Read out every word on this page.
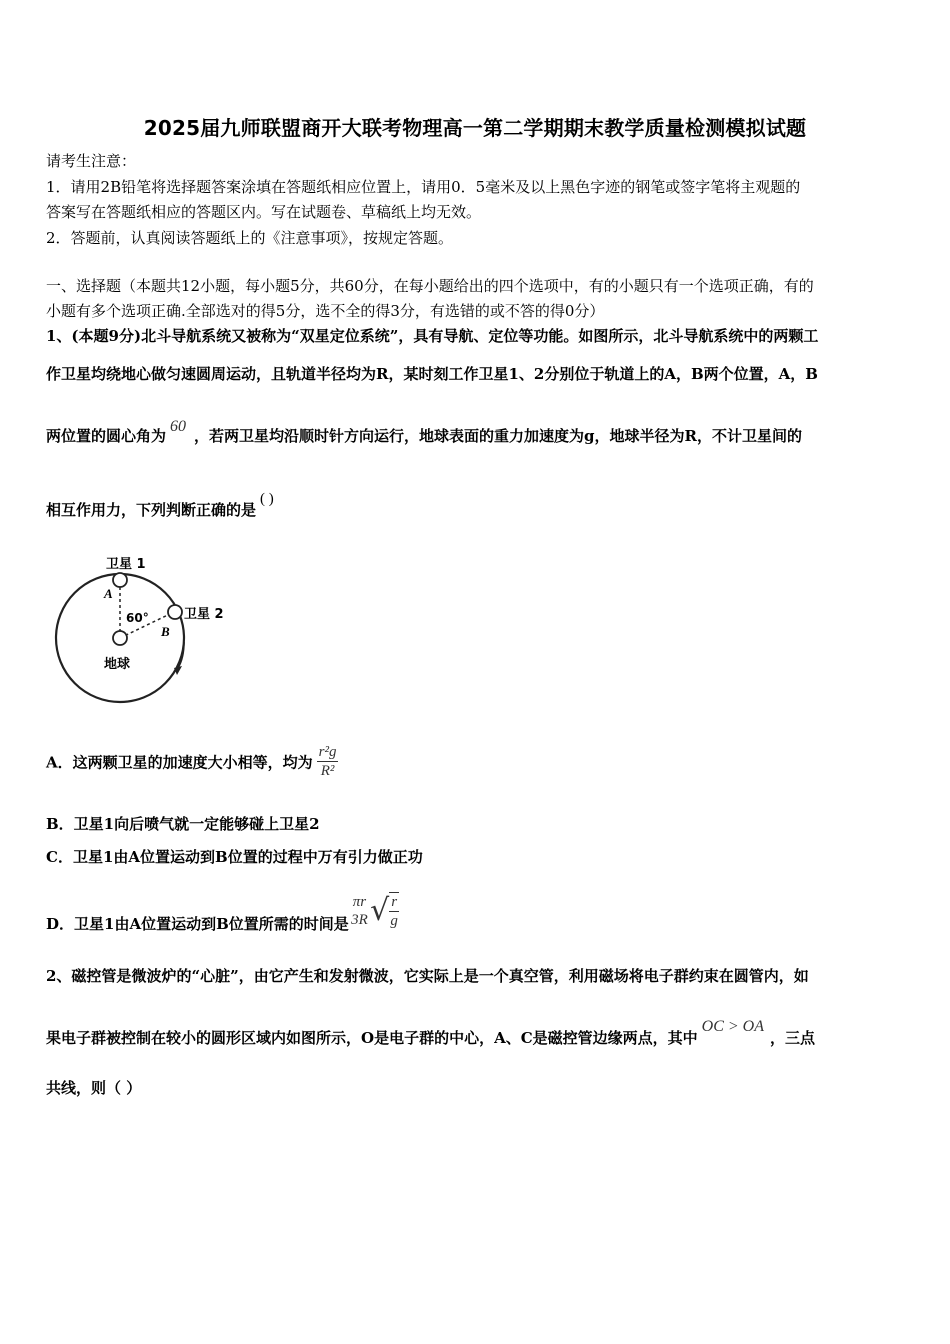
2025届九师联盟商开大联考物理高一第二学期期末教学质量检测模拟试题
请考生注意：
1．请用2B铅笔将选择题答案涂填在答题纸相应位置上，请用0．5毫米及以上黑色字迹的钢笔或签字笔将主观题的
答案写在答题纸相应的答题区内。写在试题卷、草稿纸上均无效。
2．答题前，认真阅读答题纸上的《注意事项》，按规定答题。
一、选择题（本题共12小题，每小题5分，共60分，在每小题给出的四个选项中，有的小题只有一个选项正确，有的
小题有多个选项正确.全部选对的得5分，选不全的得3分，有选错的或不答的得0分）
1、(本题9分)北斗导航系统又被称为“双星定位系统”，具有导航、定位等功能。如图所示，北斗导航系统中的两颗工
作卫星均绕地心做匀速圆周运动，且轨道半径均为R，某时刻工作卫星1、2分别位于轨道上的A，B两个位置，A，B
两位置的圆心角为60，若两卫星均沿顺时针方向运行，地球表面的重力加速度为g，地球半径为R，不计卫星间的
相互作用力，下列判断正确的是( )
卫星 1
卫星 2
A
B
60°
地球
A．这两颗卫星的加速度大小相等，均为 $\frac{\text{r²g}}{\text{R²}}$
B．卫星1向后喷气就一定能够碰上卫星2
C．卫星1由A位置运动到B位置的过程中万有引力做正功
D．卫星1由A位置运动到B位置所需的时间是
πr
3R √ $\frac{r}{g}$
2、磁控管是微波炉的“心脏”，由它产生和发射微波，它实际上是一个真空管，利用磁场将电子群约束在圆管内，如
果电子群被控制在较小的圆形区域内如图所示，O是电子群的中心，A、C是磁控管边缘两点，其中OC > OA，三点
共线，则（ ）
